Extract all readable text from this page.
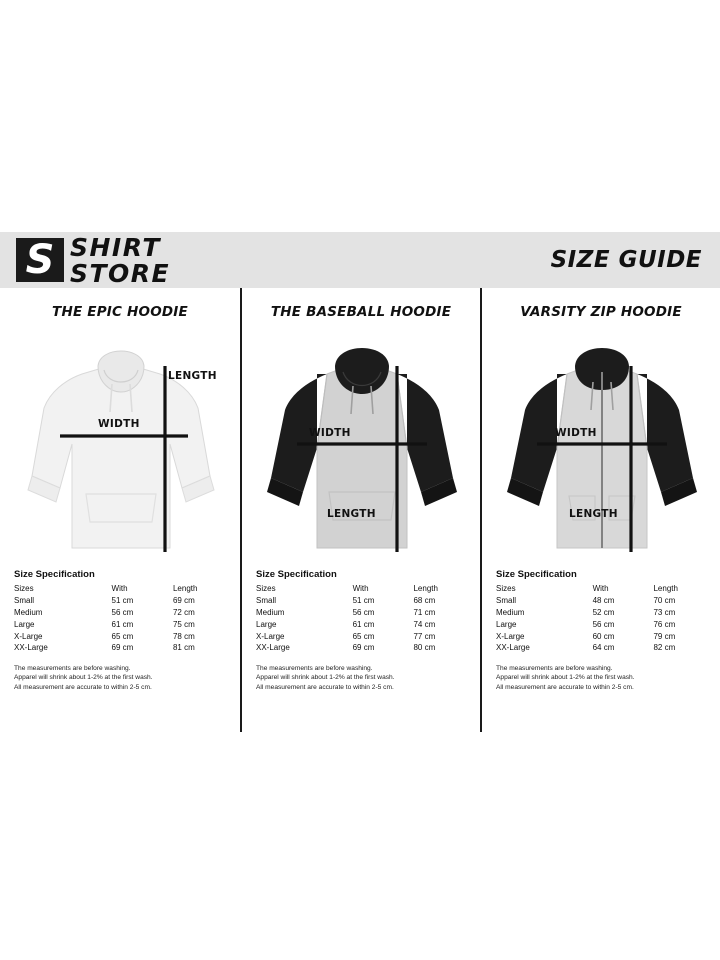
S SHIRT
STORE	SIZE GUIDE
THE EPIC HOODIE
WIDTH
LENGTH
Size Specification
Sizes	With	Length
Small	51 cm	69 cm
Medium	56 cm	72 cm
Large	61 cm	75 cm
X-Large	65 cm	78 cm
XX-Large	69 cm	81 cm
The measurements are before washing.
Apparel will shrink about 1-2% at the first wash.
All measurement are accurate to within 2-5 cm.
THE BASEBALL HOODIE
WIDTH
LENGTH
Size Specification
Sizes	With	Length
Small	51 cm	68 cm
Medium	56 cm	71 cm
Large	61 cm	74 cm
X-Large	65 cm	77 cm
XX-Large	69 cm	80 cm
The measurements are before washing.
Apparel will shrink about 1-2% at the first wash.
All measurement are accurate to within 2-5 cm.
VARSITY ZIP HOODIE
WIDTH
LENGTH
Size Specification
Sizes	With	Length
Small	48 cm	70 cm
Medium	52 cm	73 cm
Large	56 cm	76 cm
X-Large	60 cm	79 cm
XX-Large	64 cm	82 cm
The measurements are before washing.
Apparel will shrink about 1-2% at the first wash.
All measurement are accurate to within 2-5 cm.
